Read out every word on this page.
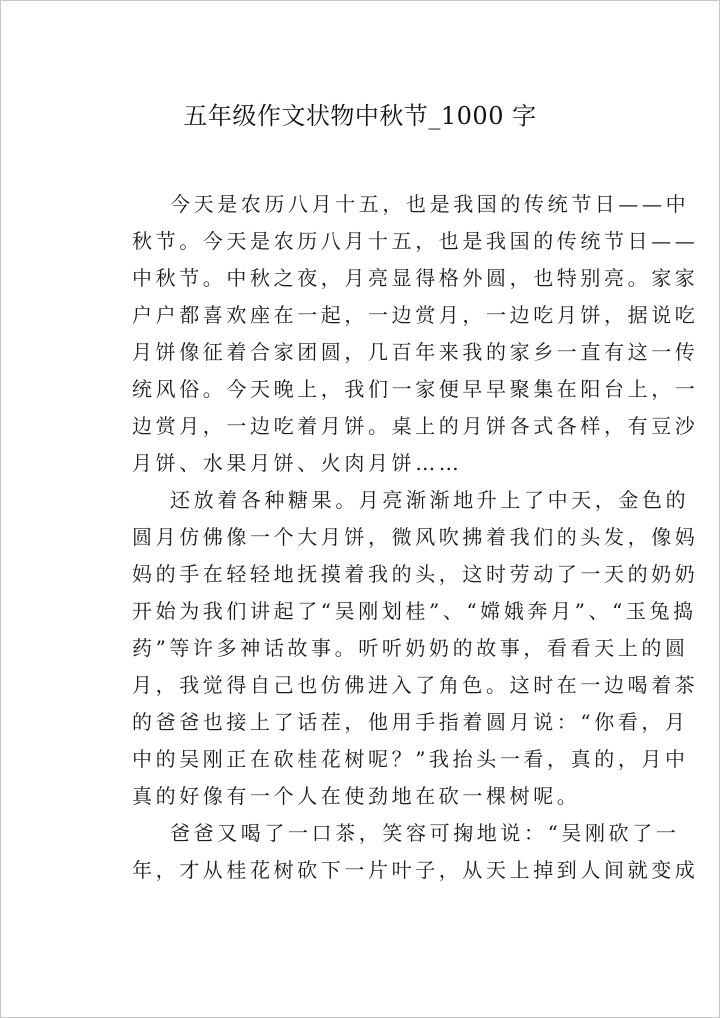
五年级作文状物中秋节_1000 字
今天是农历八月十五，也是我国的传统节日——中
秋节。今天是农历八月十五，也是我国的传统节日——
中秋节。中秋之夜，月亮显得格外圆，也特别亮。家家
户户都喜欢座在一起，一边赏月，一边吃月饼，据说吃
月饼像征着合家团圆，几百年来我的家乡一直有这一传
统风俗。今天晚上，我们一家便早早聚集在阳台上，一
边赏月，一边吃着月饼。桌上的月饼各式各样，有豆沙
月饼、水果月饼、火肉月饼……
还放着各种糖果。月亮渐渐地升上了中天，金色的
圆月仿佛像一个大月饼，微风吹拂着我们的头发，像妈
妈的手在轻轻地抚摸着我的头，这时劳动了一天的奶奶
开始为我们讲起了“吴刚划桂”、“嫦娥奔月”、“玉兔捣
药”等许多神话故事。听听奶奶的故事，看看天上的圆
月，我觉得自己也仿佛进入了角色。这时在一边喝着茶
的爸爸也接上了话茬，他用手指着圆月说：“你看，月
中的吴刚正在砍桂花树呢？”我抬头一看，真的，月中
真的好像有一个人在使劲地在砍一棵树呢。
爸爸又喝了一口茶，笑容可掬地说：“吴刚砍了一
年，才从桂花树砍下一片叶子，从天上掉到人间就变成
